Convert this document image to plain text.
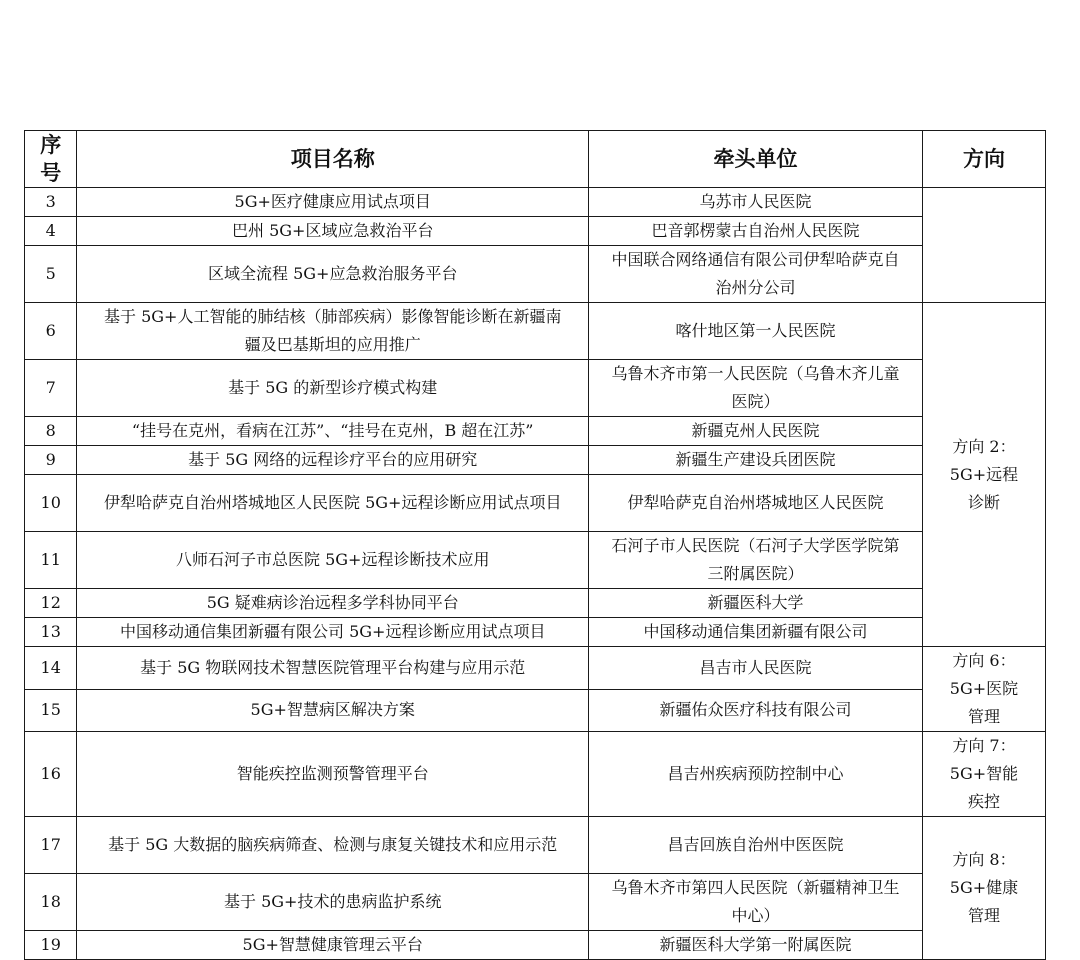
序号	项目名称	牵头单位	方向
3	5G+医疗健康应用试点项目	乌苏市人民医院	
4	巴州 5G+区域应急救治平台	巴音郭楞蒙古自治州人民医院	
5	区域全流程 5G+应急救治服务平台	中国联合网络通信有限公司伊犁哈萨克自治州分公司	
6	基于 5G+人工智能的肺结核（肺部疾病）影像智能诊断在新疆南疆及巴基斯坦的应用推广	喀什地区第一人民医院	方向 2：5G+远程诊断
7	基于 5G 的新型诊疗模式构建	乌鲁木齐市第一人民医院（乌鲁木齐儿童医院）	
8	“挂号在克州，看病在江苏”、“挂号在克州，B 超在江苏”	新疆克州人民医院	
9	基于 5G 网络的远程诊疗平台的应用研究	新疆生产建设兵团医院	
10	伊犁哈萨克自治州塔城地区人民医院 5G+远程诊断应用试点项目	伊犁哈萨克自治州塔城地区人民医院	
11	八师石河子市总医院 5G+远程诊断技术应用	石河子市人民医院（石河子大学医学院第三附属医院）	
12	5G 疑难病诊治远程多学科协同平台	新疆医科大学	
13	中国移动通信集团新疆有限公司 5G+远程诊断应用试点项目	中国移动通信集团新疆有限公司	
14	基于 5G 物联网技术智慧医院管理平台构建与应用示范	昌吉市人民医院	方向 6：5G+医院管理
15	5G+智慧病区解决方案	新疆佑众医疗科技有限公司	
16	智能疾控监测预警管理平台	昌吉州疾病预防控制中心	方向 7：5G+智能疾控
17	基于 5G 大数据的脑疾病筛查、检测与康复关键技术和应用示范	昌吉回族自治州中医医院	方向 8：5G+健康管理
18	基于 5G+技术的患病监护系统	乌鲁木齐市第四人民医院（新疆精神卫生中心）	
19	5G+智慧健康管理云平台	新疆医科大学第一附属医院	
